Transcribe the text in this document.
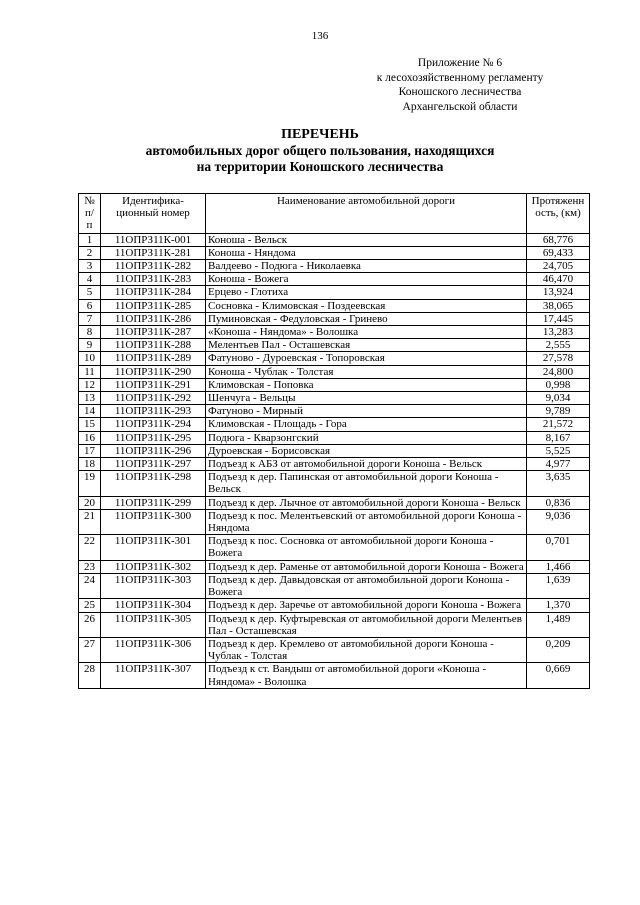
136
Приложение № 6
к лесохозяйственному регламенту
Коношского лесничества
Архангельской области
ПЕРЕЧЕНЬ
автомобильных дорог общего пользования, находящихся
на территории Коношского лесничества
№ п/ п	Идентифика- ционный номер	Наименование автомобильной дороги	Протяженн ость, (км)
1	11ОПРЗ11К-001	Коноша - Вельск	68,776
2	11ОПРЗ11К-281	Коноша - Няндома	69,433
3	11ОПРЗ11К-282	Валдеево - Подюга - Николаевка	24,705
4	11ОПРЗ11К-283	Коноша - Вожега	46,470
5	11ОПРЗ11К-284	Ерцево - Глотиха	13,924
6	11ОПРЗ11К-285	Сосновка - Климовская - Поздеевская	38,065
7	11ОПРЗ11К-286	Пуминовская - Федуловская - Гринево	17,445
8	11ОПРЗ11К-287	«Коноша - Няндома» - Волошка	13,283
9	11ОПРЗ11К-288	Мелентьев Пал - Осташевская	2,555
10	11ОПРЗ11К-289	Фатуново - Дуроевская - Топоровская	27,578
11	11ОПРЗ11К-290	Коноша - Чублак - Толстая	24,800
12	11ОПРЗ11К-291	Климовская - Поповка	0,998
13	11ОПРЗ11К-292	Шенчуга - Вельцы	9,034
14	11ОПРЗ11К-293	Фатуново - Мирный	9,789
15	11ОПРЗ11К-294	Климовская - Площадь - Гора	21,572
16	11ОПРЗ11К-295	Подюга - Кварзонгский	8,167
17	11ОПРЗ11К-296	Дуроевская - Борисовская	5,525
18	11ОПРЗ11К-297	Подъезд к АБЗ от автомобильной дороги Коноша - Вельск	4,977
19	11ОПРЗ11К-298	Подъезд к дер. Папинская от автомобильной дороги Коноша - Вельск	3,635
20	11ОПРЗ11К-299	Подъезд к дер. Лычное от автомобильной дороги Коноша - Вельск	0,836
21	11ОПРЗ11К-300	Подъезд к пос. Мелентьевский от автомобильной дороги Коноша - Няндома	9,036
22	11ОПРЗ11К-301	Подъезд к пос. Сосновка от автомобильной дороги Коноша - Вожега	0,701
23	11ОПРЗ11К-302	Подъезд к дер. Раменье от автомобильной дороги Коноша - Вожега	1,466
24	11ОПРЗ11К-303	Подъезд к дер. Давыдовская от автомобильной дороги Коноша - Вожега	1,639
25	11ОПРЗ11К-304	Подъезд к дер. Заречье от автомобильной дороги Коноша - Вожега	1,370
26	11ОПРЗ11К-305	Подъезд к дер. Куфтыревская от автомобильной дороги Мелентьев Пал - Осташевская	1,489
27	11ОПРЗ11К-306	Подъезд к дер. Кремлево от автомобильной дороги Коноша - Чублак - Толстая	0,209
28	11ОПРЗ11К-307	Подъезд к ст. Вандыш от автомобильной дороги «Коноша - Няндома» - Волошка	0,669
